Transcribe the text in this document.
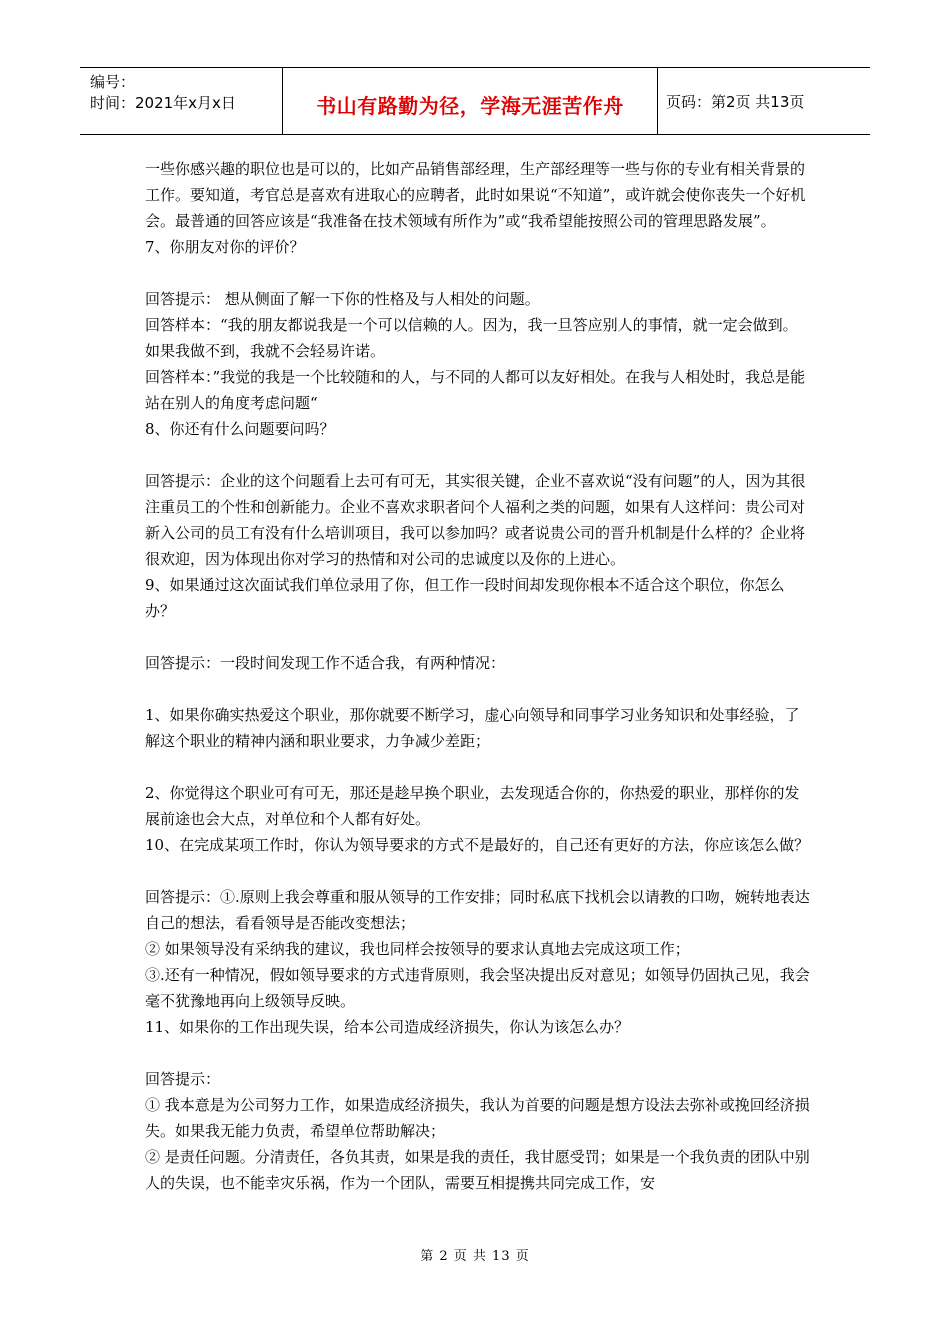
编号：
时间：2021年x月x日	书山有路勤为径，学海无涯苦作舟	页码：第2页 共13页

一些你感兴趣的职位也是可以的，比如产品销售部经理，生产部经理等一些与你的专业有相关背景的工作。要知道，考官总是喜欢有进取心的应聘者，此时如果说“不知道”，或许就会使你丧失一个好机会。最普通的回答应该是“我准备在技术领域有所作为”或“我希望能按照公司的管理思路发展”。

7、你朋友对你的评价？

回答提示： 想从侧面了解一下你的性格及与人相处的问题。

回答样本：“我的朋友都说我是一个可以信赖的人。因为，我一旦答应别人的事情，就一定会做到。如果我做不到，我就不会轻易许诺。

回答样本：”我觉的我是一个比较随和的人，与不同的人都可以友好相处。在我与人相处时，我总是能站在别人的角度考虑问题“

8、你还有什么问题要问吗？

回答提示：企业的这个问题看上去可有可无，其实很关键，企业不喜欢说“没有问题”的人，因为其很注重员工的个性和创新能力。企业不喜欢求职者问个人福利之类的问题，如果有人这样问：贵公司对新入公司的员工有没有什么培训项目，我可以参加吗？或者说贵公司的晋升机制是什么样的？企业将很欢迎，因为体现出你对学习的热情和对公司的忠诚度以及你的上进心。

9、如果通过这次面试我们单位录用了你，但工作一段时间却发现你根本不适合这个职位，你怎么办？

回答提示：一段时间发现工作不适合我，有两种情况：

1、如果你确实热爱这个职业，那你就要不断学习，虚心向领导和同事学习业务知识和处事经验，了解这个职业的精神内涵和职业要求，力争减少差距；

2、你觉得这个职业可有可无，那还是趁早换个职业，去发现适合你的，你热爱的职业，那样你的发展前途也会大点，对单位和个人都有好处。

10、在完成某项工作时，你认为领导要求的方式不是最好的，自己还有更好的方法，你应该怎么做？

回答提示：①.原则上我会尊重和服从领导的工作安排；同时私底下找机会以请教的口吻，婉转地表达自己的想法，看看领导是否能改变想法；

② 如果领导没有采纳我的建议，我也同样会按领导的要求认真地去完成这项工作；

③.还有一种情况，假如领导要求的方式违背原则，我会坚决提出反对意见；如领导仍固执己见，我会毫不犹豫地再向上级领导反映。

11、如果你的工作出现失误，给本公司造成经济损失，你认为该怎么办？

回答提示：

① 我本意是为公司努力工作，如果造成经济损失，我认为首要的问题是想方设法去弥补或挽回经济损失。如果我无能力负责，希望单位帮助解决；

② 是责任问题。分清责任，各负其责，如果是我的责任，我甘愿受罚；如果是一个我负责的团队中别人的失误，也不能幸灾乐祸，作为一个团队，需要互相提携共同完成工作，安

第 2 页 共 13 页
